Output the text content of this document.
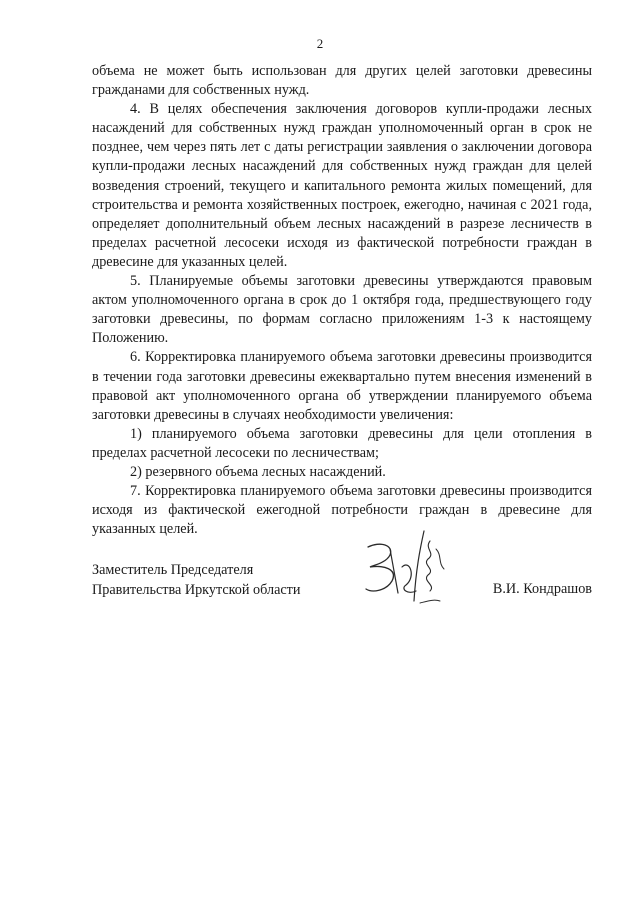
2

объема не может быть использован для других целей заготовки древесины гражданами для собственных нужд.

4. В целях обеспечения заключения договоров купли-продажи лесных насаждений для собственных нужд граждан уполномоченный орган в срок не позднее, чем через пять лет с даты регистрации заявления о заключении договора купли-продажи лесных насаждений для собственных нужд граждан для целей возведения строений, текущего и капитального ремонта жилых помещений, для строительства и ремонта хозяйственных построек, ежегодно, начиная с 2021 года, определяет дополнительный объем лесных насаждений в разрезе лесничеств в пределах расчетной лесосеки исходя из фактической потребности граждан в древесине для указанных целей.

5. Планируемые объемы заготовки древесины утверждаются правовым актом уполномоченного органа в срок до 1 октября года, предшествующего году заготовки древесины, по формам согласно приложениям 1-3 к настоящему Положению.

6. Корректировка планируемого объема заготовки древесины производится в течении года заготовки древесины ежеквартально путем внесения изменений в правовой акт уполномоченного органа об утверждении планируемого объема заготовки древесины в случаях необходимости увеличения:

1) планируемого объема заготовки древесины для цели отопления в пределах расчетной лесосеки по лесничествам;

2) резервного объема лесных насаждений.

7. Корректировка планируемого объема заготовки древесины производится исходя из фактической ежегодной потребности граждан в древесине для указанных целей.

Заместитель Председателя
Правительства Иркутской области	В.И. Кондрашов
